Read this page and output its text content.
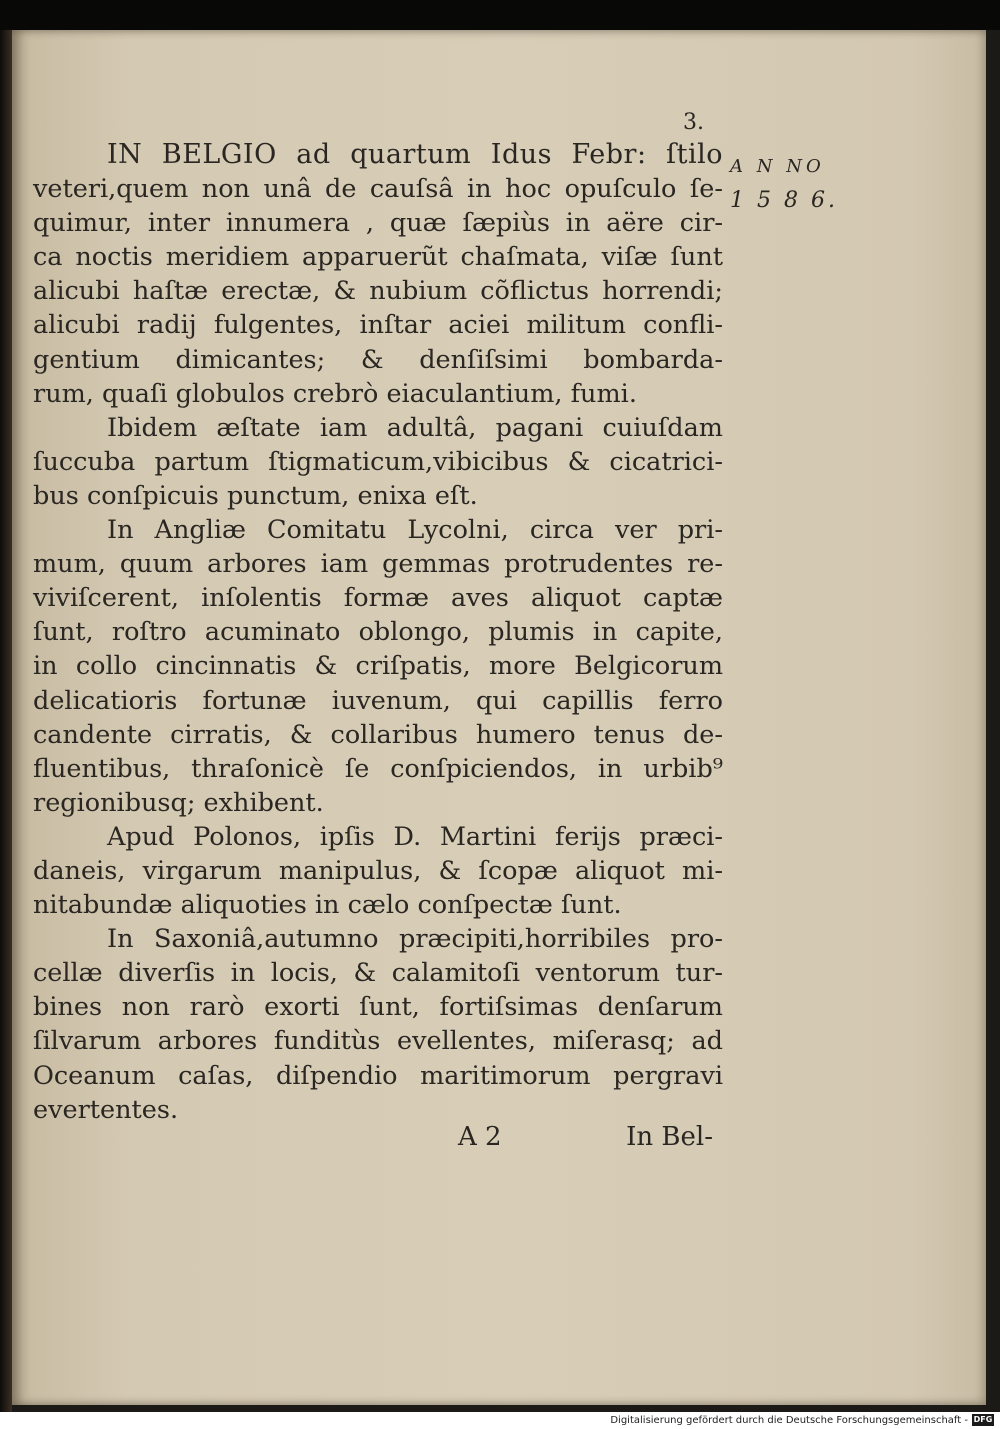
3.
A N NO
1 5 8 6.
IN BELGIO ad quartum Idus Febr: ſtilo
veteri,quem non unâ de cauſsâ in hoc opuſculo ſe-
quimur, inter innumera , quæ ſæpiùs in aëre cir-
ca noctis meridiem apparuerũt chaſmata, viſæ ſunt
alicubi haſtæ erectæ, & nubium cõflictus horrendi;
alicubi radij fulgentes, inſtar aciei militum confli-
gentium dimicantes; & denſiſsimi bombarda-
rum, quaſi globulos crebrò eiaculantium, fumi.
Ibidem æſtate iam adultâ, pagani cuiuſdam
ſuccuba partum ſtigmaticum,vibicibus & cicatrici-
bus conſpicuis punctum, enixa eſt.
In Angliæ Comitatu Lycolni, circa ver pri-
mum, quum arbores iam gemmas protrudentes re-
viviſcerent, inſolentis formæ aves aliquot captæ
ſunt, roſtro acuminato oblongo, plumis in capite,
in collo cincinnatis & criſpatis, more Belgicorum
delicatioris fortunæ iuvenum, qui capillis ferro
candente cirratis, & collaribus humero tenus de-
fluentibus, thraſonicè ſe conſpiciendos, in urbib⁹
regionibusq; exhibent.
Apud Polonos, ipſis D. Martini ferijs præci-
daneis, virgarum manipulus, & ſcopæ aliquot mi-
nitabundæ aliquoties in cælo conſpectæ ſunt.
In Saxoniâ,autumno præcipiti,horribiles pro-
cellæ diverſis in locis, & calamitoſi ventorum tur-
bines non rarò exorti ſunt, fortiſsimas denſarum
ſilvarum arbores funditùs evellentes, miſerasq; ad
Oceanum caſas, diſpendio maritimorum pergravi
evertentes.
A 2	In Bel-
Digitalisierung gefördert durch die Deutsche Forschungsgemeinschaft - DFG
